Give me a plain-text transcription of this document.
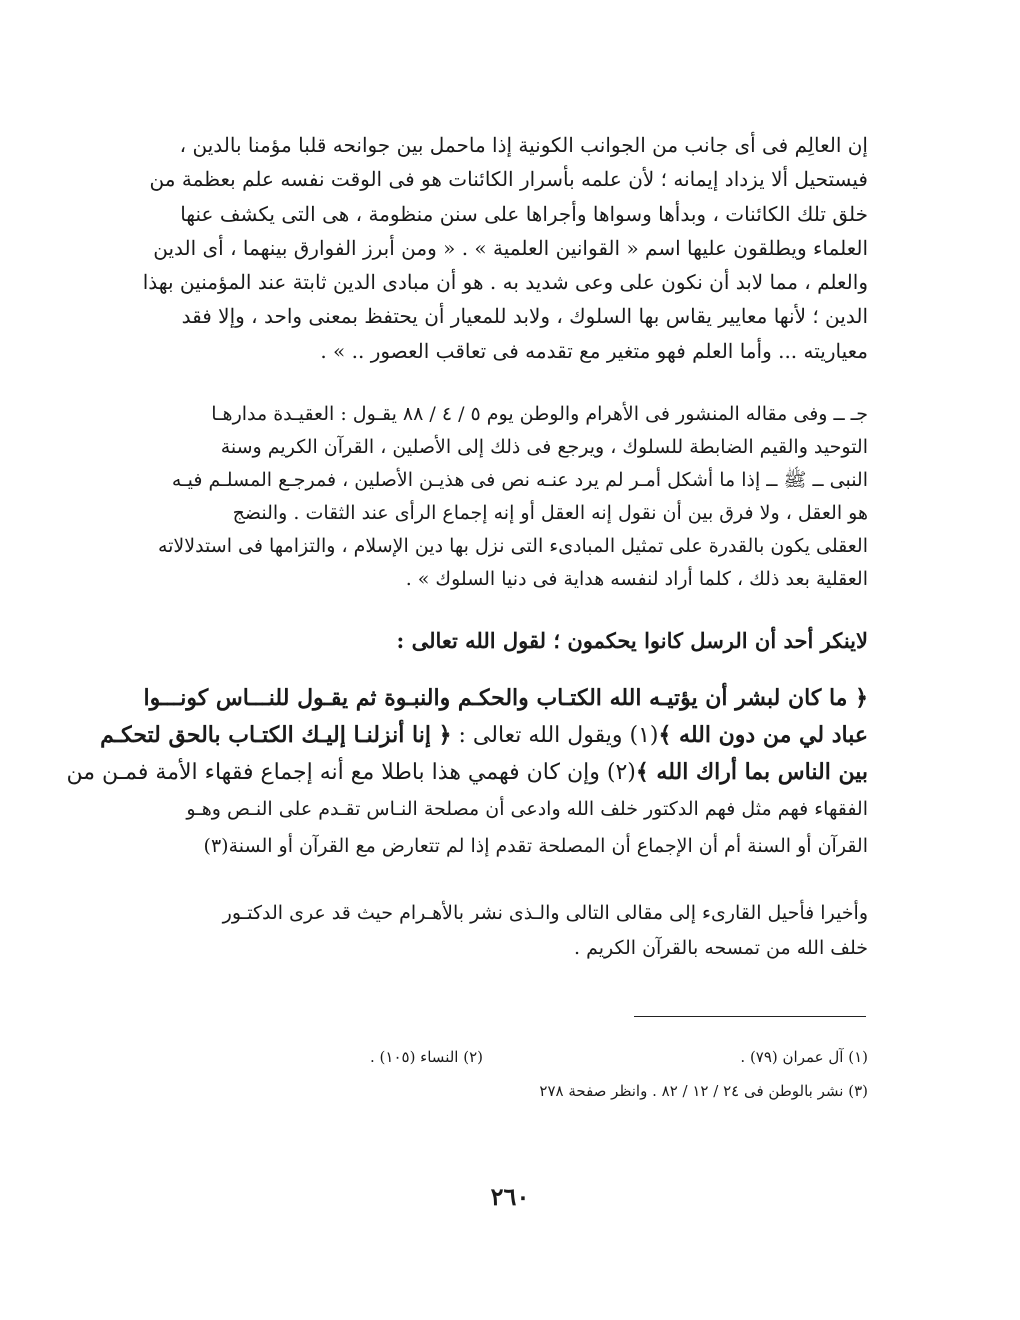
إن العالِم فى أى جانب من الجوانب الكونية إذا ماحمل بين جوانحه قلبا مؤمنا بالدين ،
فيستحيل ألا يزداد إيمانه ؛ لأن علمه بأسرار الكائنات هو فى الوقت نفسه علم بعظمة من
خلق تلك الكائنات ، وبدأها وسواها وأجراها على سنن منظومة ، هى التى يكشف عنها
العلماء ويطلقون عليها اسم « القوانين العلمية » . « ومن أبرز الفوارق بينهما ، أى الدين
والعلم ، مما لابد أن نكون على وعى شديد به . هو أن مبادى الدين ثابتة عند المؤمنين بهذا
الدين ؛ لأنها معايير يقاس بها السلوك ، ولابد للمعيار أن يحتفظ بمعنى واحد ، وإلا فقد
معياريته ... وأما العلم فهو متغير مع تقدمه فى تعاقب العصور .. » .
جـ ــ وفى مقاله المنشور فى الأهرام والوطن يوم ٥ / ٤ / ٨٨ يقـول : العقيـدة مدارهـا
التوحيد والقيم الضابطة للسلوك ، ويرجع فى ذلك إلى الأصلين ، القرآن الكريم وسنة
النبى ــ ﷺ ــ إذا ما أشكل أمـر لم يرد عنـه نص فى هذيـن الأصلين ، فمرجـع المسلـم فيـه
هو العقل ، ولا فرق بين أن نقول إنه العقل أو إنه إجماع الرأى عند الثقات . والنضج
العقلى يكون بالقدرة على تمثيل المبادىء التى نزل بها دين الإسلام ، والتزامها فى استدلالاته
العقلية بعد ذلك ، كلما أراد لنفسه هداية فى دنيا السلوك » .
لاينكر أحد أن الرسل كانوا يحكمون ؛ لقول الله تعالى :
﴿ ما كان لبشر أن يؤتيـه الله الكتـاب والحكـم والنبـوة ثم يقـول للنـــاس كونـــوا
عباد لي من دون الله ﴾(١) ويقول الله تعالى : ﴿ إنا أنزلنـا إليـك الكتـاب بالحق لتحكـم
بين الناس بما أراك الله ﴾(٢) وإن كان فهمي هذا باطلا مع أنه إجماع فقهاء الأمة فمـن من
الفقهاء فهم مثل فهم الدكتور خلف الله وادعى أن مصلحة النـاس تقـدم على النـص وهـو
القرآن أو السنة أم أن الإجماع أن المصلحة تقدم إذا لم تتعارض مع القرآن أو السنة(٣)
وأخيرا فأحيل القارىء إلى مقالى التالى والـذى نشر بالأهـرام حيث قد عرى الدكتـور
خلف الله من تمسحه بالقرآن الكريم .
(١) آل عمران (٧٩) .
(٢) النساء (١٠٥) .
(٣) نشر بالوطن فى ٢٤ / ١٢ / ٨٢ . وانظر صفحة ٢٧٨
٢٦٠
